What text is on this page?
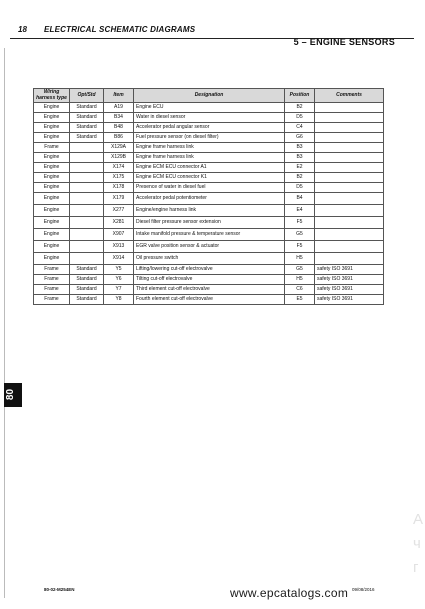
18 ELECTRICAL SCHEMATIC DIAGRAMS
5 – ENGINE SENSORS
Wiring harness type	Opt/Std	Item	Designation	Position	Comments
Engine	Standard	A19	Engine ECU	B2	
Engine	Standard	B34	Water in diesel sensor	D5	
Engine	Standard	B48	Accelerator pedal angular sensor	C4	
Engine	Standard	B86	Fuel pressure sensor (on diesel filter)	G6	
Frame		X129A	Engine frame harness link	B3	
Engine		X129B	Engine frame harness link	B3	
Engine		X174	Engine ECM ECU connector A1	E2	
Engine		X175	Engine ECM ECU connector K1	B2	
Engine		X178	Presence of water in diesel fuel	D5	
Engine		X179	Accelerator pedal potentiometer	B4	
Engine		X277	Engine/engine harness link	E4	
Engine		X281	Diesel filter pressure sensor extension	F5	
Engine		X907	Intake manifold pressure & temperature sensor	G5	
Engine		X913	EGR valve position sensor & actuator	F5	
Engine		X914	Oil pressure switch	H5	
Frame	Standard	Y5	Lifting/lowering cut-off electrovalve	G5	safety ISO 3691
Frame	Standard	Y6	Tilting cut-off electrovalve	H5	safety ISO 3691
Frame	Standard	Y7	Third element cut-off electrovalve	C6	safety ISO 3691
Frame	Standard	Y8	Fourth element cut-off electrovalve	E5	safety ISO 3691
80
80-02-M254EN	www.epcatalogs.com 09/08/2016
A
ч
г
